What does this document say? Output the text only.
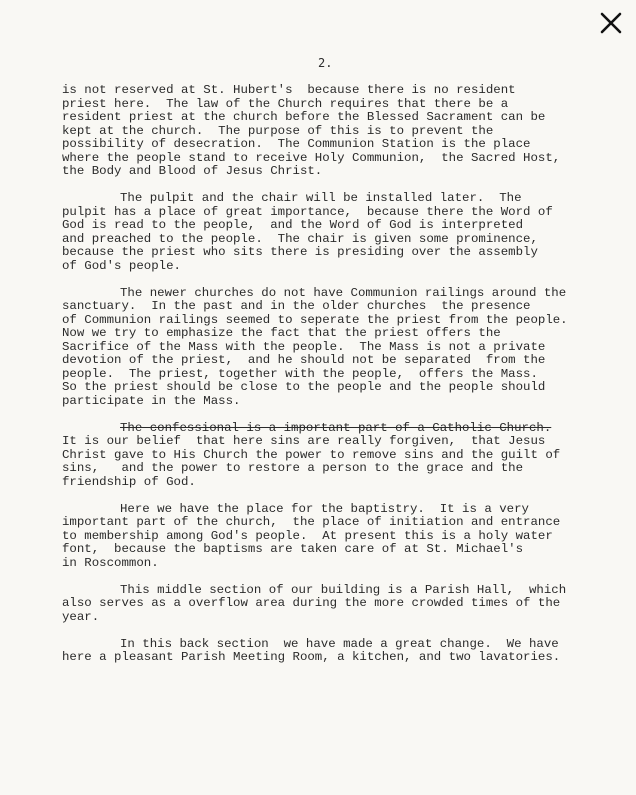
2.
is not reserved at St. Hubert's  because there is no resident
priest here.  The law of the Church requires that there be a
resident priest at the church before the Blessed Sacrament can be
kept at the church.  The purpose of this is to prevent the
possibility of desecration.  The Communion Station is the place
where the people stand to receive Holy Communion,  the Sacred Host,
the Body and Blood of Jesus Christ.
The pulpit and the chair will be installed later.  The
pulpit has a place of great importance,  because there the Word of
God is read to the people,  and the Word of God is interpreted
and preached to the people.  The chair is given some prominence,
because the priest who sits there is presiding over the assembly
of God's people.
The newer churches do not have Communion railings around the
sanctuary.  In the past and in the older churches  the presence
of Communion railings seemed to seperate the priest from the people.
Now we try to emphasize the fact that the priest offers the
Sacrifice of the Mass with the people.  The Mass is not a private
devotion of the priest,  and he should not be separated  from the
people.  The priest, together with the people,  offers the Mass.
So the priest should be close to the people and the people should
participate in the Mass.
The confessional is a important part of a Catholic Church.
It is our belief  that here sins are really forgiven,  that Jesus
Christ gave to His Church the power to remove sins and the guilt of
sins,   and the power to restore a person to the grace and the
friendship of God.
Here we have the place for the baptistry.  It is a very
important part of the church,  the place of initiation and entrance
to membership among God's people.  At present this is a holy water
font,  because the baptisms are taken care of at St. Michael's
in Roscommon.
This middle section of our building is a Parish Hall,  which
also serves as a overflow area during the more crowded times of the
year.
In this back section  we have made a great change.  We have
here a pleasant Parish Meeting Room, a kitchen, and two lavatories.
